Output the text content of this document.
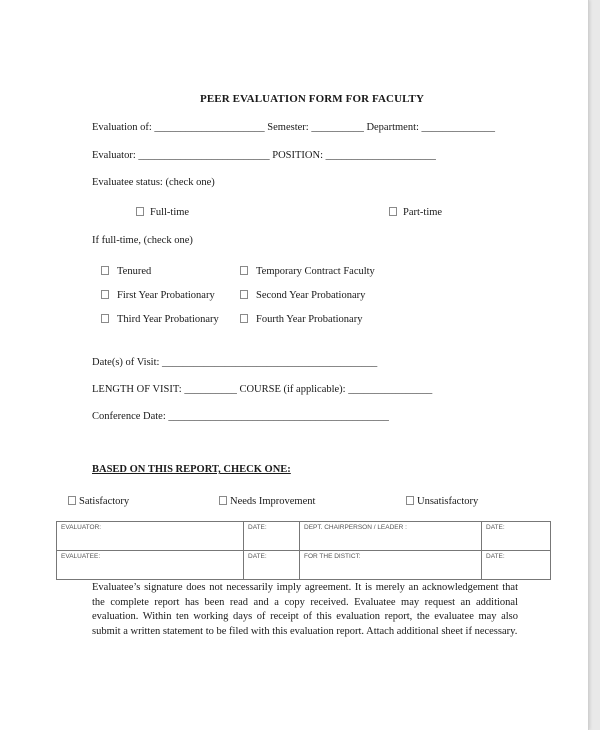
PEER EVALUATION FORM FOR FACULTY
Evaluation of: _____________________ Semester: __________ Department: ______________
Evaluator: _________________________ POSITION: _____________________
Evaluatee status: (check one)
Full-time	Part-time
If full-time, (check one)
Tenured	Temporary Contract Faculty
First Year Probationary	Second Year Probationary
Third Year Probationary	Fourth Year Probationary
Date(s) of Visit: _________________________________________
LENGTH OF VISIT: __________ COURSE (if applicable): ________________
Conference Date: __________________________________________
BASED ON THIS REPORT, CHECK ONE:
Satisfactory	Needs Improvement	Unsatisfactory
EVALUATOR:	DATE:	DEPT. CHAIRPERSON / LEADER :	DATE:
EVALUATEE:	DATE:	FOR THE DISTICT:	DATE:
Evaluatee’s signature does not necessarily imply agreement. It is merely an acknowledgement that the complete report has been read and a copy received. Evaluatee may request an additional evaluation. Within ten working days of receipt of this evaluation report, the evaluatee may also submit a written statement to be filed with this evaluation report. Attach additional sheet if necessary.
